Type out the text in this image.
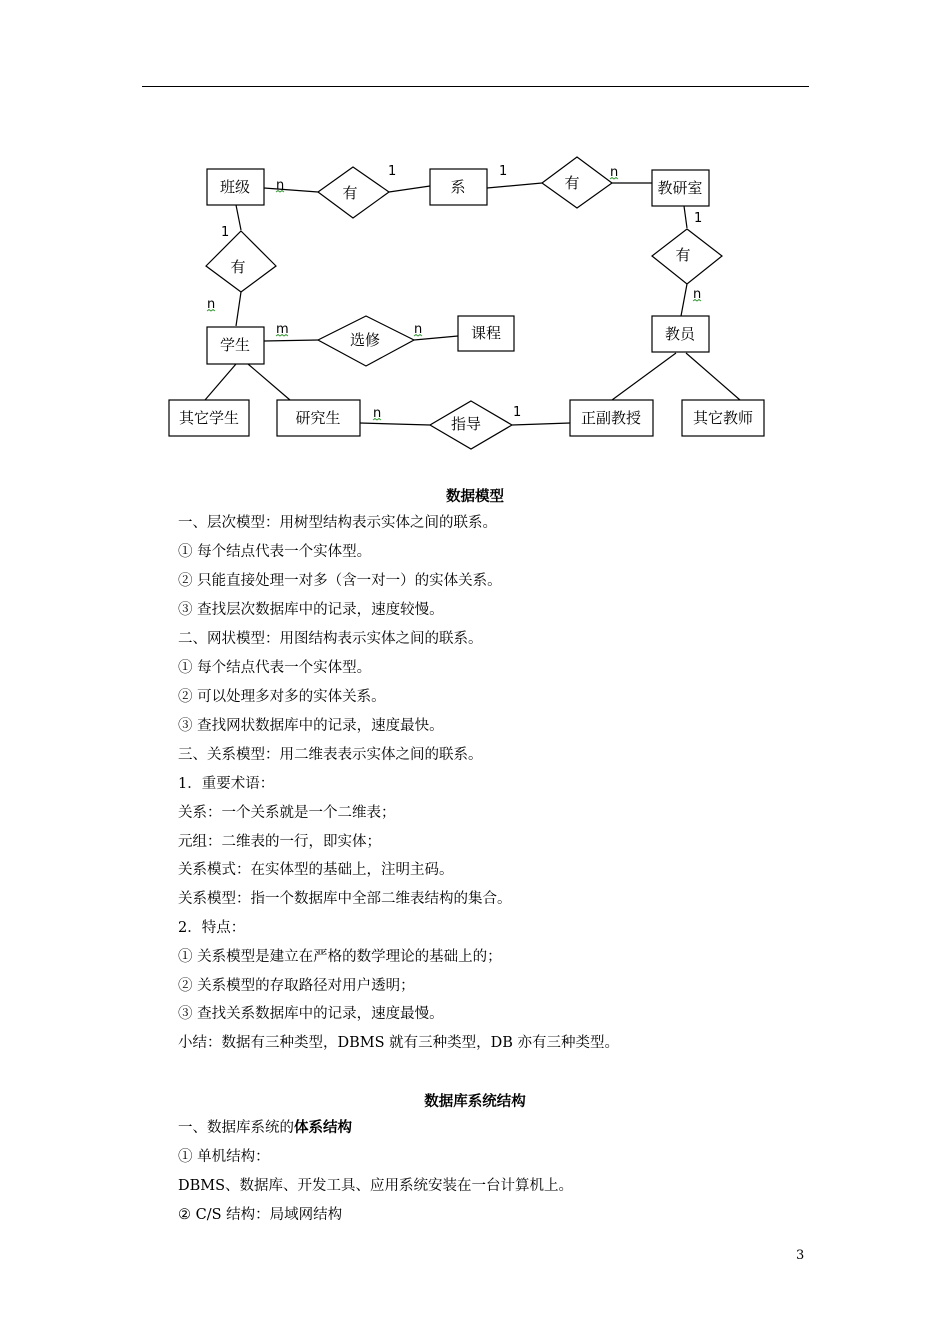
班级	系	教研室
学生
课程	教员
其它学生	研究生	正副教授	其它教师
有
有
有
有
选修
指导
n
1	1	n
1
n
1
n
m	n
n	1
数据模型
一、层次模型：用树型结构表示实体之间的联系。
① 每个结点代表一个实体型。
② 只能直接处理一对多（含一对一）的实体关系。
③ 查找层次数据库中的记录，速度较慢。
二、网状模型：用图结构表示实体之间的联系。
① 每个结点代表一个实体型。
② 可以处理多对多的实体关系。
③ 查找网状数据库中的记录，速度最快。
三、关系模型：用二维表表示实体之间的联系。
1．重要术语：
关系：一个关系就是一个二维表；
元组：二维表的一行，即实体；
关系模式：在实体型的基础上，注明主码。
关系模型：指一个数据库中全部二维表结构的集合。
2．特点：
① 关系模型是建立在严格的数学理论的基础上的；
② 关系模型的存取路径对用户透明；
③ 查找关系数据库中的记录，速度最慢。
小结：数据有三种类型，DBMS 就有三种类型，DB 亦有三种类型。
数据库系统结构
一、数据库系统的体系结构
① 单机结构：
DBMS、数据库、开发工具、应用系统安装在一台计算机上。
② C/S 结构：局域网结构
3
